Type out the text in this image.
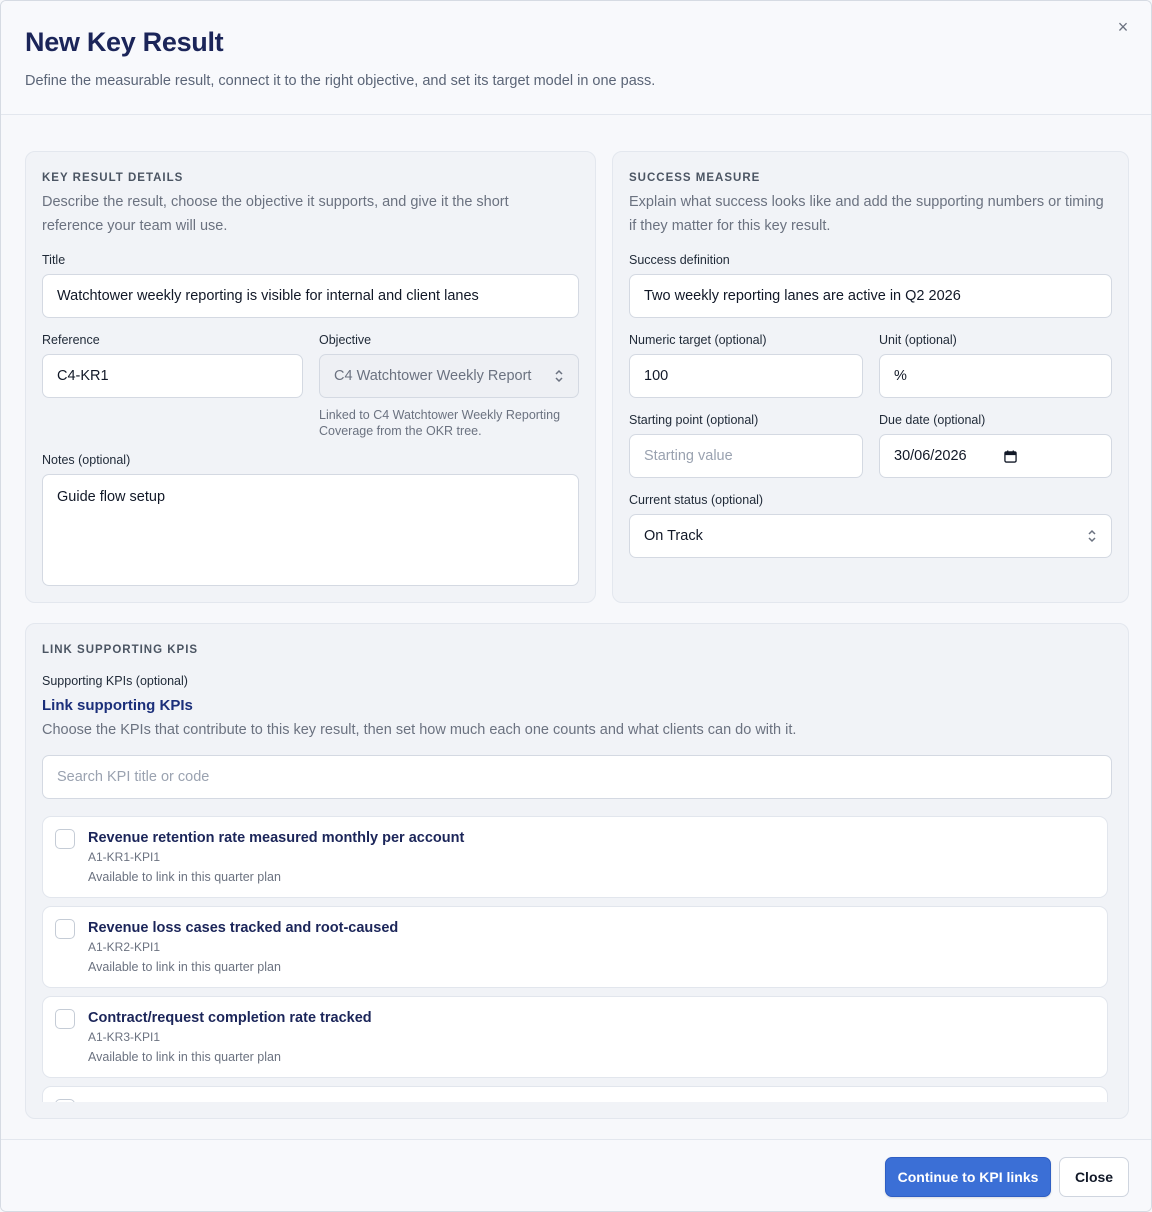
New Key Result
Define the measurable result, connect it to the right objective, and set its target model in one pass.
×
KEY RESULT DETAILS
Describe the result, choose the objective it supports, and give it the short reference your team will use.
Title
Watchtower weekly reporting is visible for internal and client lanes
Reference
C4-KR1
Objective
C4 Watchtower Weekly Report
Linked to C4 Watchtower Weekly Reporting Coverage from the OKR tree.
Notes (optional)
Guide flow setup
SUCCESS MEASURE
Explain what success looks like and add the supporting numbers or timing if they matter for this key result.
Success definition
Two weekly reporting lanes are active in Q2 2026
Numeric target (optional)
100
Unit (optional)
%
Starting point (optional)
Starting value
Due date (optional)
30/06/2026
Current status (optional)
On Track
LINK SUPPORTING KPIS
Supporting KPIs (optional)
Link supporting KPIs
Choose the KPIs that contribute to this key result, then set how much each one counts and what clients can do with it.
Search KPI title or code
Revenue retention rate measured monthly per account
A1-KR1-KPI1
Available to link in this quarter plan
Revenue loss cases tracked and root-caused
A1-KR2-KPI1
Available to link in this quarter plan
Contract/request completion rate tracked
A1-KR3-KPI1
Available to link in this quarter plan
Continue to KPI links	Close
